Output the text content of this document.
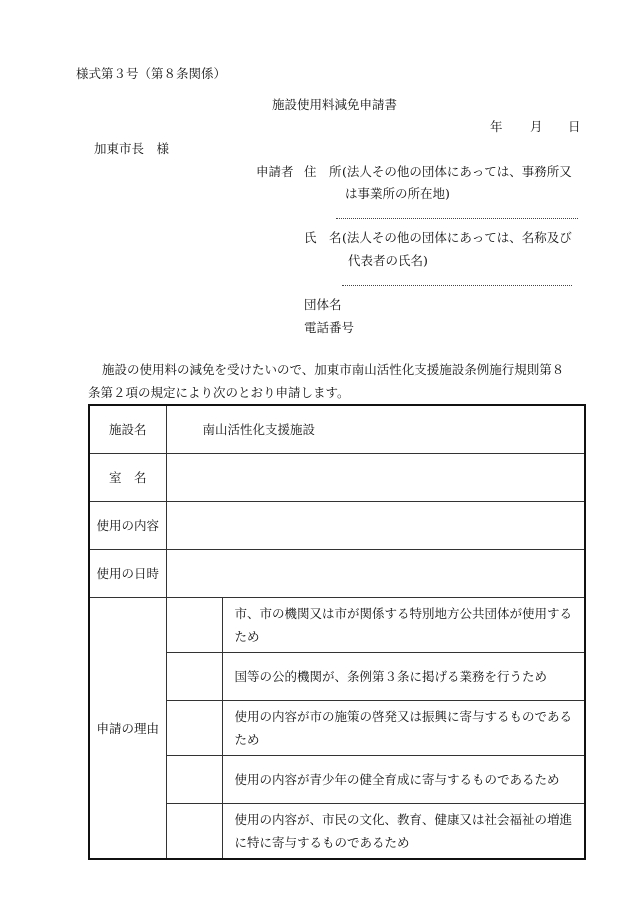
様式第３号（第８条関係）
施設使用料減免申請書
年 月 日
加東市長　様
申請者 住　所 (法人その他の団体にあっては、事務所又
は事業所の所在地)
氏　名 (法人その他の団体にあっては、名称及び
代表者の氏名)
団体名
電話番号
施設の使用料の減免を受けたいので、加東市南山活性化支援施設条例施行規則第８
条第２項の規定により次のとおり申請します。
施設名	南山活性化支援施設	
室　名		
使用の内容		
使用の日時		
申請の理由		市、市の機関又は市が関係する特別地方公共団体が使用するため
		国等の公的機関が、条例第３条に掲げる業務を行うため
		使用の内容が市の施策の啓発又は振興に寄与するものであるため
		使用の内容が青少年の健全育成に寄与するものであるため
		使用の内容が、市民の文化、教育、健康又は社会福祉の増進に特に寄与するものであるため
